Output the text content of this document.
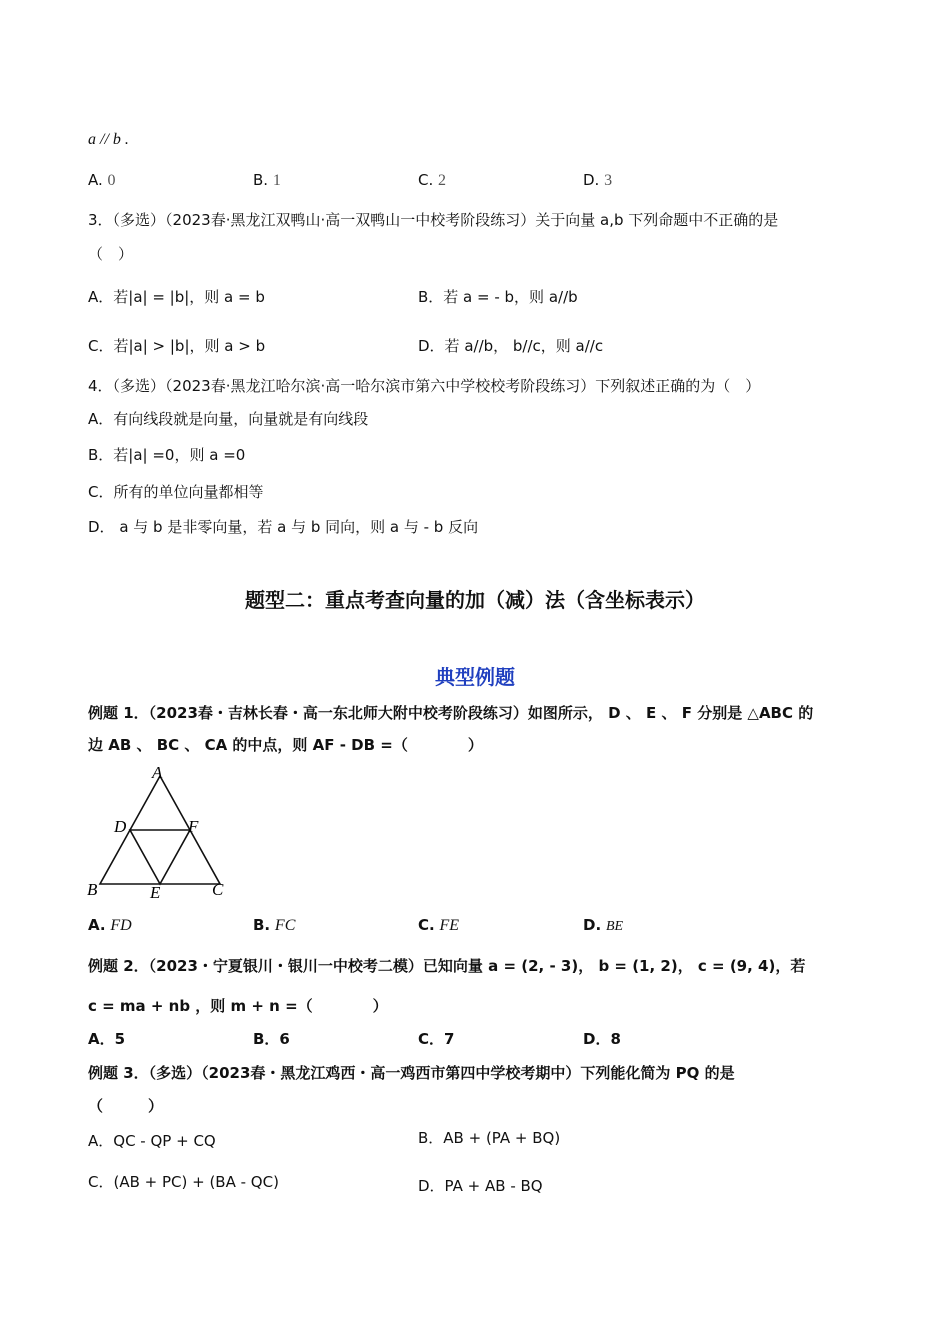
a // b .
A. 0	B. 1	C. 2	D. 3
3．（多选）（2023春·黑龙江双鸭山·高一双鸭山一中校考阶段练习）关于向量 a,b 下列命题中不正确的是
（　）
A．若|a| = |b|，则 a = b	B．若 a = - b，则 a//b
C．若|a| > |b|，则 a > b	D．若 a//b， b//c，则 a//c
4．（多选）（2023春·黑龙江哈尔滨·高一哈尔滨市第六中学校校考阶段练习）下列叙述正确的为（　）
A．有向线段就是向量，向量就是有向线段
B．若|a| =0，则 a =0
C．所有的单位向量都相等
D． a 与 b 是非零向量，若 a 与 b 同向，则 a 与 - b 反向
题型二：重点考查向量的加（减）法（含坐标表示）
典型例题
例题 1．（2023春・吉林长春・高一东北师大附中校考阶段练习）如图所示， D 、 E 、 F 分别是 △ABC 的
边 AB 、 BC 、 CA 的中点，则 AF - DB =（　　　　）
A
B	C
D
E
F
A. FD	B. FC	C. FE	D. BE
例题 2．（2023・宁夏银川・银川一中校考二模）已知向量 a = (2, - 3)， b = (1, 2)， c = (9, 4)，若
c = ma + nb ，则 m + n =（　　　　）
A．5	B．6	C．7	D．8
例题 3．（多选）（2023春・黑龙江鸡西・高一鸡西市第四中学校考期中）下列能化简为 PQ 的是
（　　　）
A．QC - QP + CQ	B．AB + (PA + BQ)
C．(AB + PC) + (BA - QC)	D．PA + AB - BQ
